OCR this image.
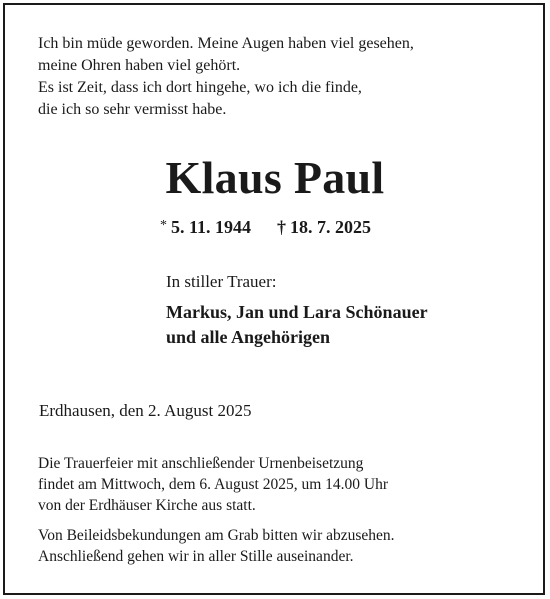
Ich bin müde geworden. Meine Augen haben viel gesehen,

meine Ohren haben viel gehört.

Es ist Zeit, dass ich dort hingehe, wo ich die finde,

die ich so sehr vermisst habe.

Klaus Paul
* 5. 11. 1944 † 18. 7. 2025

In stiller Trauer:

Markus, Jan und Lara Schönauer

und alle Angehörigen

Erdhausen, den 2. August 2025

Die Trauerfeier mit anschließender Urnenbeisetzung

findet am Mittwoch, dem 6. August 2025, um 14.00 Uhr

von der Erdhäuser Kirche aus statt.

Von Beileidsbekundungen am Grab bitten wir abzusehen.

Anschließend gehen wir in aller Stille auseinander.
